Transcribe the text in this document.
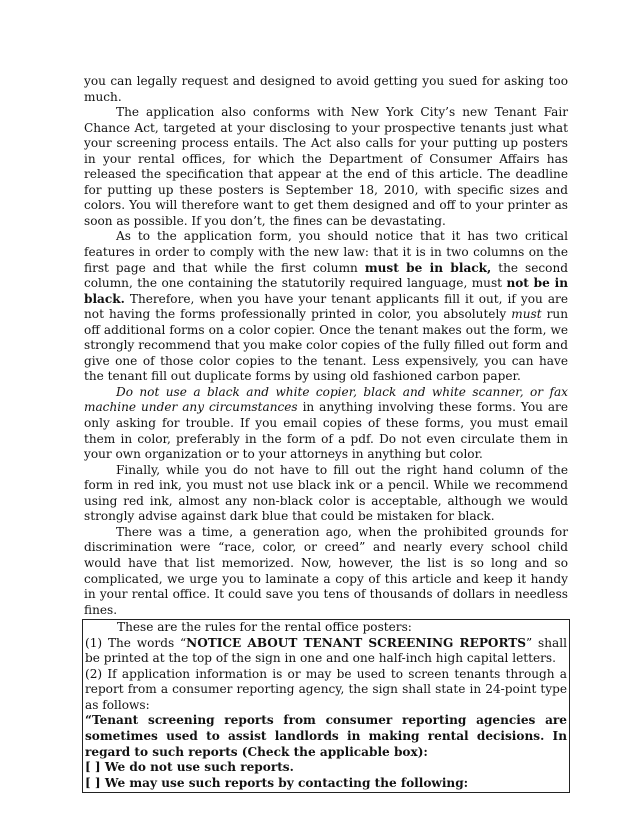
you can legally request and designed to avoid getting you sued for asking too much.

The application also conforms with New York City’s new Tenant Fair Chance Act, targeted at your disclosing to your prospective tenants just what your screening process entails. The Act also calls for your putting up posters in your rental offices, for which the Department of Consumer Affairs has released the specification that appear at the end of this article. The deadline for putting up these posters is September 18, 2010, with specific sizes and colors. You will therefore want to get them designed and off to your printer as soon as possible. If you don’t, the fines can be devastating.

As to the application form, you should notice that it has two critical features in order to comply with the new law: that it is in two columns on the first page and that while the first column must be in black, the second column, the one containing the statutorily required language, must not be in black. Therefore, when you have your tenant applicants fill it out, if you are not having the forms professionally printed in color, you absolutely must run off additional forms on a color copier. Once the tenant makes out the form, we strongly recommend that you make color copies of the fully filled out form and give one of those color copies to the tenant. Less expensively, you can have the tenant fill out duplicate forms by using old fashioned carbon paper.

Do not use a black and white copier, black and white scanner, or fax machine under any circumstances in anything involving these forms. You are only asking for trouble. If you email copies of these forms, you must email them in color, preferably in the form of a pdf. Do not even circulate them in your own organization or to your attorneys in anything but color.

Finally, while you do not have to fill out the right hand column of the form in red ink, you must not use black ink or a pencil. While we recommend using red ink, almost any non-black color is acceptable, although we would strongly advise against dark blue that could be mistaken for black.

There was a time, a generation ago, when the prohibited grounds for discrimination were “race, color, or creed” and nearly every school child would have that list memorized. Now, however, the list is so long and so complicated, we urge you to laminate a copy of this article and keep it handy in your rental office. It could save you tens of thousands of dollars in needless fines.

These are the rules for the rental office posters:

(1) The words “NOTICE ABOUT TENANT SCREENING REPORTS” shall be printed at the top of the sign in one and one half-inch high capital letters.

(2) If application information is or may be used to screen tenants through a report from a consumer reporting agency, the sign shall state in 24-point type as follows:

“Tenant screening reports from consumer reporting agencies are sometimes used to assist landlords in making rental decisions. In regard to such reports (Check the applicable box):

[ ] We do not use such reports.

[ ] We may use such reports by contacting the following:
